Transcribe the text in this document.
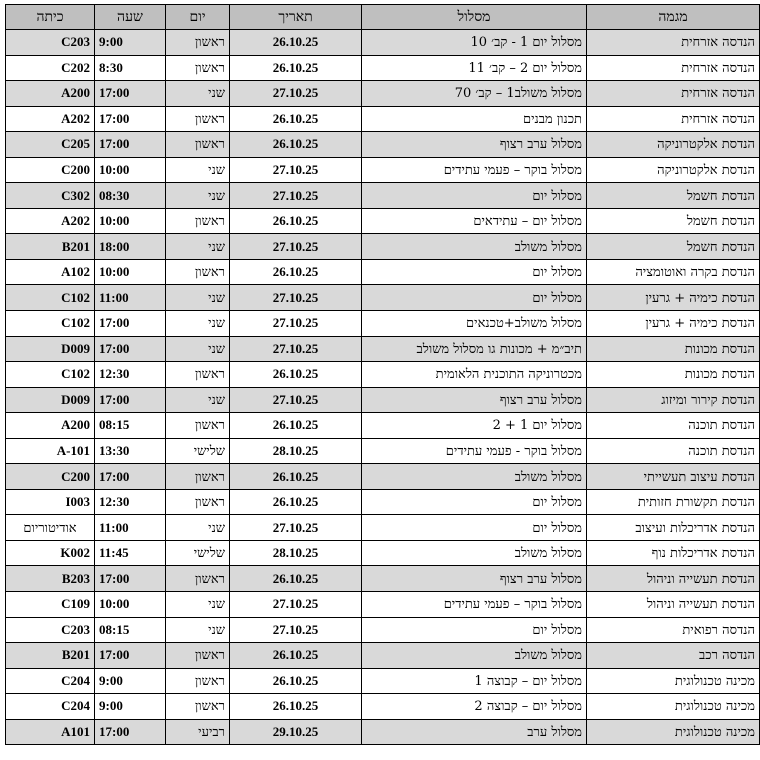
מגמה	מסלול	תאריך	יום	שעה	כיתה
הנדסה אזרחית	מסלול יום 1 - קב׳ 10	26.10.25	ראשון	9:00	C203
הנדסה אזרחית	מסלול יום 2 – קב׳ 11	26.10.25	ראשון	8:30	C202
הנדסה אזרחית	מסלול משולב1 – קב׳ 70	27.10.25	שני	17:00	A200
הנדסה אזרחית	תכנון מבנים	26.10.25	ראשון	17:00	A202
הנדסת אלקטרוניקה	מסלול ערב רצוף	26.10.25	ראשון	17:00	C205
הנדסת אלקטרוניקה	מסלול בוקר – פעמי עתידים	27.10.25	שני	10:00	C200
הנדסת חשמל	מסלול יום	27.10.25	שני	08:30	C302
הנדסת חשמל	מסלול יום – עתידאים	26.10.25	ראשון	10:00	A202
הנדסת חשמל	מסלול משולב	27.10.25	שני	18:00	B201
הנדסת בקרה ואוטומציה	מסלול יום	26.10.25	ראשון	10:00	A102
הנדסת כימיה + גרעין	מסלול יום	27.10.25	שני	11:00	C102
הנדסת כימיה + גרעין	מסלול משולב+טכנאים	27.10.25	שני	17:00	C102
הנדסת מכונות	תיב״מ + מכונות גו מסלול משולב	27.10.25	שני	17:00	D009
הנדסת מכונות	מכטרוניקה התוכנית הלאומית	26.10.25	ראשון	12:30	C102
הנדסת קירור ומיזוג	מסלול ערב רצוף	27.10.25	שני	17:00	D009
הנדסת תוכנה	מסלול יום 1 + 2	26.10.25	ראשון	08:15	A200
הנדסת תוכנה	מסלול בוקר - פעמי עתידים	28.10.25	שלישי	13:30	A-101
הנדסת עיצוב תעשייתי	מסלול משולב	26.10.25	ראשון	17:00	C200
הנדסת תקשורת חזותית	מסלול יום	26.10.25	ראשון	12:30	I003
הנדסת אדריכלות ועיצוב	מסלול יום	27.10.25	שני	11:00	אודיטוריום
הנדסת אדריכלות נוף	מסלול משולב	28.10.25	שלישי	11:45	K002
הנדסת תעשייה וניהול	מסלול ערב רצוף	26.10.25	ראשון	17:00	B203
הנדסת תעשייה וניהול	מסלול בוקר – פעמי עתידים	27.10.25	שני	10:00	C109
הנדסה רפואית	מסלול יום	27.10.25	שני	08:15	C203
הנדסה רכב	מסלול משולב	26.10.25	ראשון	17:00	B201
מכינה טכנולוגית	מסלול יום – קבוצה 1	26.10.25	ראשון	9:00	C204
מכינה טכנולוגית	מסלול יום – קבוצה 2	26.10.25	ראשון	9:00	C204
מכינה טכנולוגית	מסלול ערב	29.10.25	רביעי	17:00	A101
